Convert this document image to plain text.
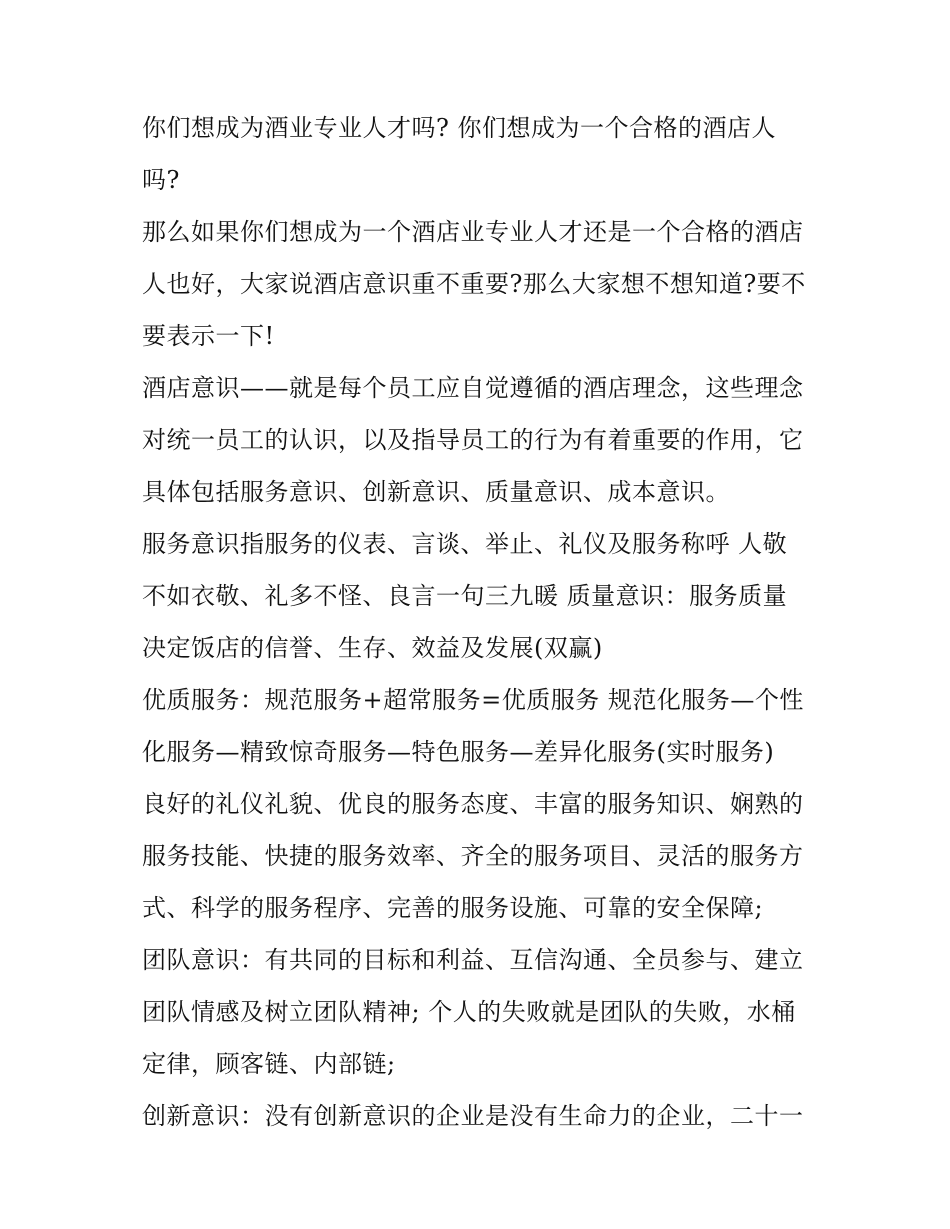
你们想成为酒业专业人才吗? 你们想成为一个合格的酒店人
吗?
那么如果你们想成为一个酒店业专业人才还是一个合格的酒店
人也好，大家说酒店意识重不重要?那么大家想不想知道?要不
要表示一下!
酒店意识——就是每个员工应自觉遵循的酒店理念，这些理念
对统一员工的认识，以及指导员工的行为有着重要的作用，它
具体包括服务意识、创新意识、质量意识、成本意识。
服务意识指服务的仪表、言谈、举止、礼仪及服务称呼 人敬
不如衣敬、礼多不怪、良言一句三九暖 质量意识：服务质量
决定饭店的信誉、生存、效益及发展(双赢)
优质服务：规范服务+超常服务=优质服务 规范化服务—个性
化服务—精致惊奇服务—特色服务—差异化服务(实时服务)
良好的礼仪礼貌、优良的服务态度、丰富的服务知识、娴熟的
服务技能、快捷的服务效率、齐全的服务项目、灵活的服务方
式、科学的服务程序、完善的服务设施、可靠的安全保障;
团队意识：有共同的目标和利益、互信沟通、全员参与、建立
团队情感及树立团队精神; 个人的失败就是团队的失败，水桶
定律，顾客链、内部链;
创新意识：没有创新意识的企业是没有生命力的企业，二十一
